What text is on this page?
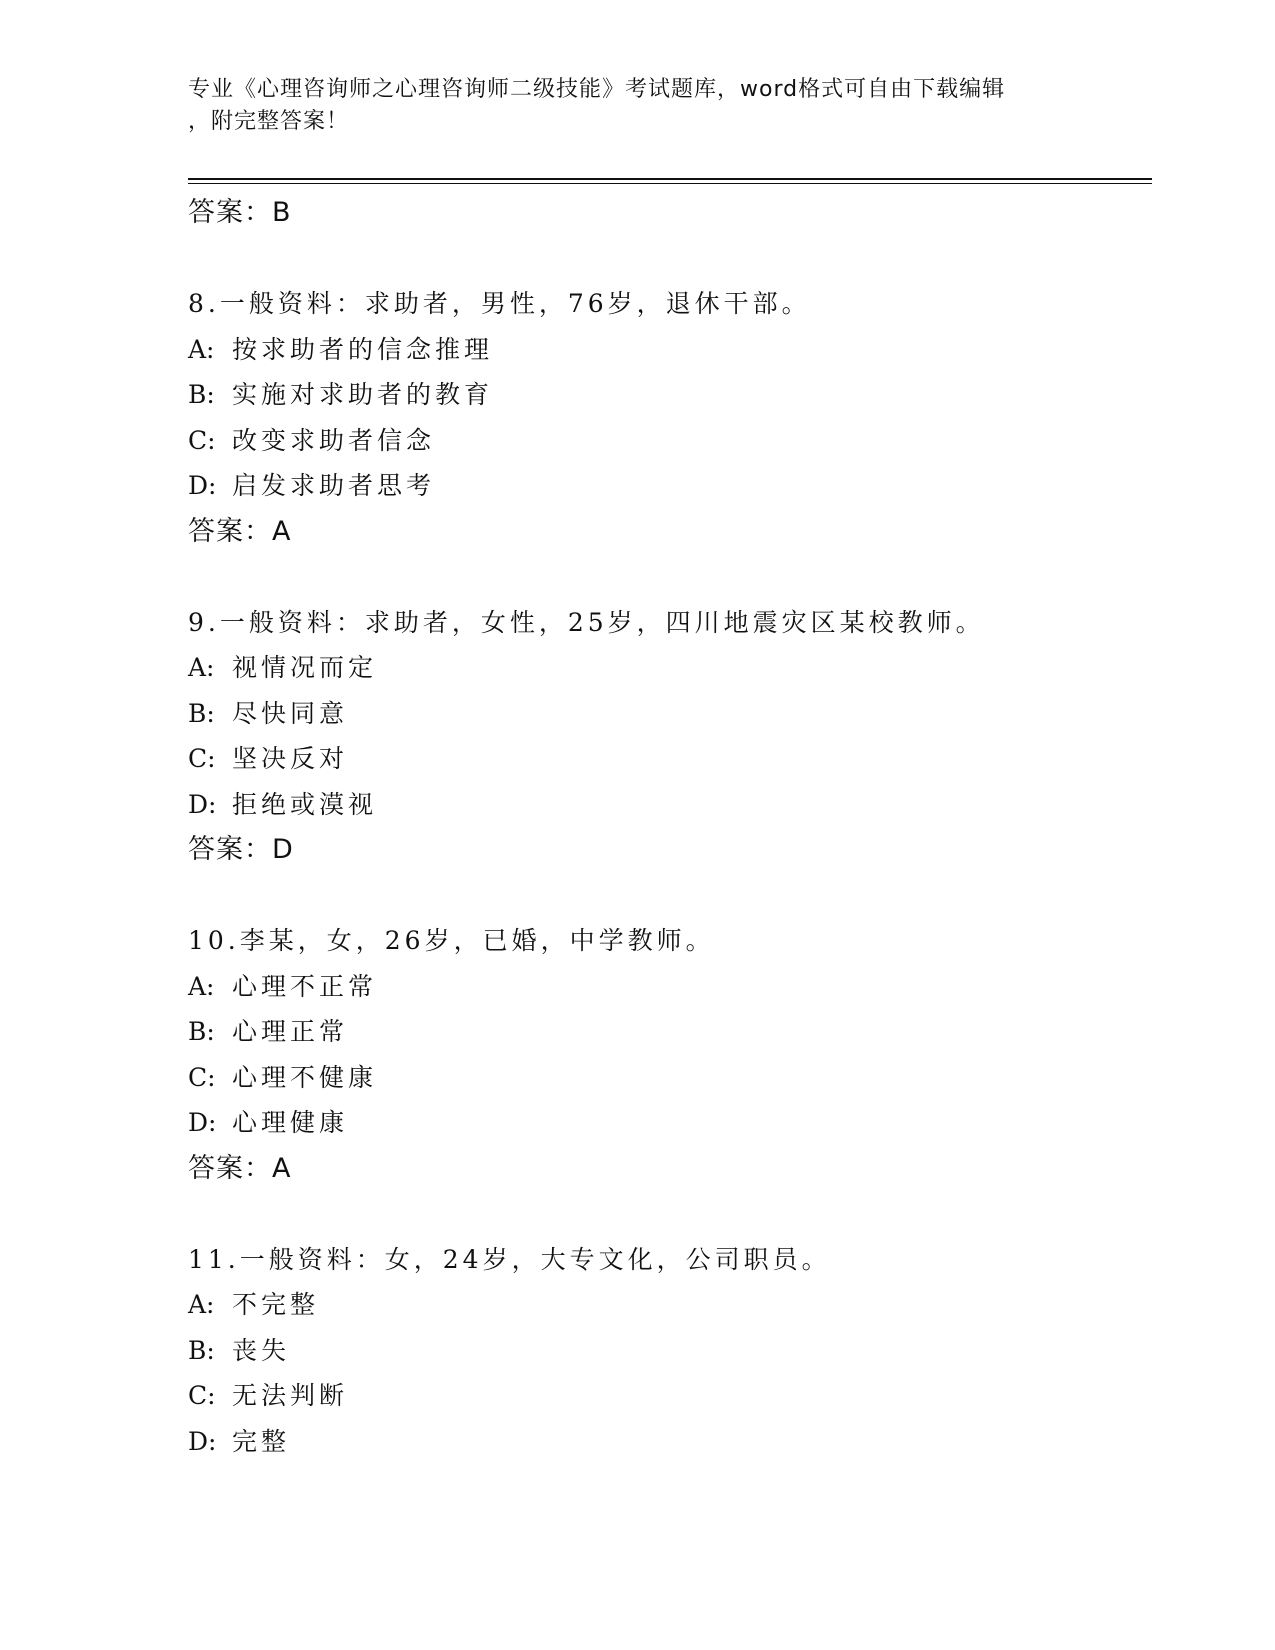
专业《心理咨询师之心理咨询师二级技能》考试题库，word格式可自由下载编辑
，附完整答案！
答案：B
8.一般资料：求助者，男性，76岁，退休干部。
A: 按求助者的信念推理
B: 实施对求助者的教育
C: 改变求助者信念
D: 启发求助者思考
答案：A
9.一般资料：求助者，女性，25岁，四川地震灾区某校教师。
A: 视情况而定
B: 尽快同意
C: 坚决反对
D: 拒绝或漠视
答案：D
10.李某，女，26岁，已婚，中学教师。
A: 心理不正常
B: 心理正常
C: 心理不健康
D: 心理健康
答案：A
11.一般资料：女，24岁，大专文化，公司职员。
A: 不完整
B: 丧失
C: 无法判断
D: 完整
